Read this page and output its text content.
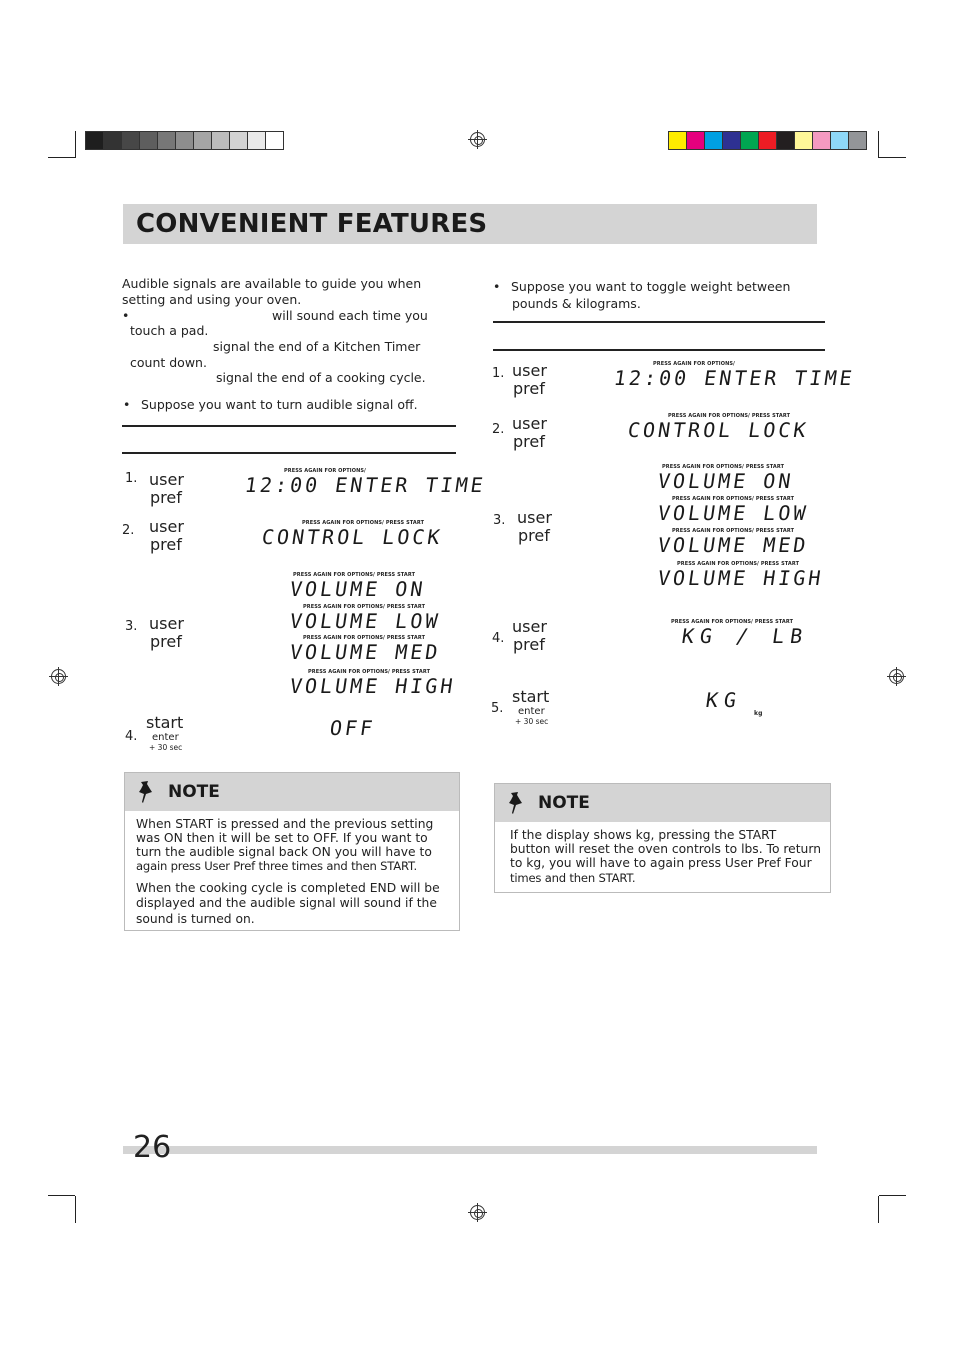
CONVENIENT FEATURES
Audible signals are available to guide you when
setting and using your oven.
•	will sound each time you
touch a pad.
signal the end of a Kitchen Timer
count down.
signal the end of a cooking cycle.
• Suppose you want to turn audible signal off.
1. user
pref
PRESS AGAIN FOR OPTIONS/
12:00 ENTER TIME
2. user
pref
PRESS AGAIN FOR OPTIONS/ PRESS START
CONTROL LOCK
3. user
pref
PRESS AGAIN FOR OPTIONS/ PRESS START
VOLUME ON
PRESS AGAIN FOR OPTIONS/ PRESS START
VOLUME LOW
PRESS AGAIN FOR OPTIONS/ PRESS START
VOLUME MED
PRESS AGAIN FOR OPTIONS/ PRESS START
VOLUME HIGH
4.
start
enter
+ 30 sec
OFF
NOTE
When START is pressed and the previous setting
was ON then it will be set to OFF. If you want to
turn the audible signal back ON you will have to
again press User Pref three times and then START.
When the cooking cycle is completed END will be
displayed and the audible signal will sound if the
sound is turned on.
• Suppose you want to toggle weight between
pounds & kilograms.
1. user
pref
PRESS AGAIN FOR OPTIONS/
12:00 ENTER TIME
2. user
pref
PRESS AGAIN FOR OPTIONS/ PRESS START
CONTROL LOCK
3. user
pref
PRESS AGAIN FOR OPTIONS/ PRESS START
VOLUME ON
PRESS AGAIN FOR OPTIONS/ PRESS START
VOLUME LOW
PRESS AGAIN FOR OPTIONS/ PRESS START
VOLUME MED
PRESS AGAIN FOR OPTIONS/ PRESS START
VOLUME HIGH
4.
user
pref
PRESS AGAIN FOR OPTIONS/ PRESS START
KG / LB
5.
start
enter
+ 30 sec
KG
kg
NOTE
If the display shows kg, pressing the START
button will reset the oven controls to lbs. To return
to kg, you will have to again press User Pref Four
times and then START.
26
